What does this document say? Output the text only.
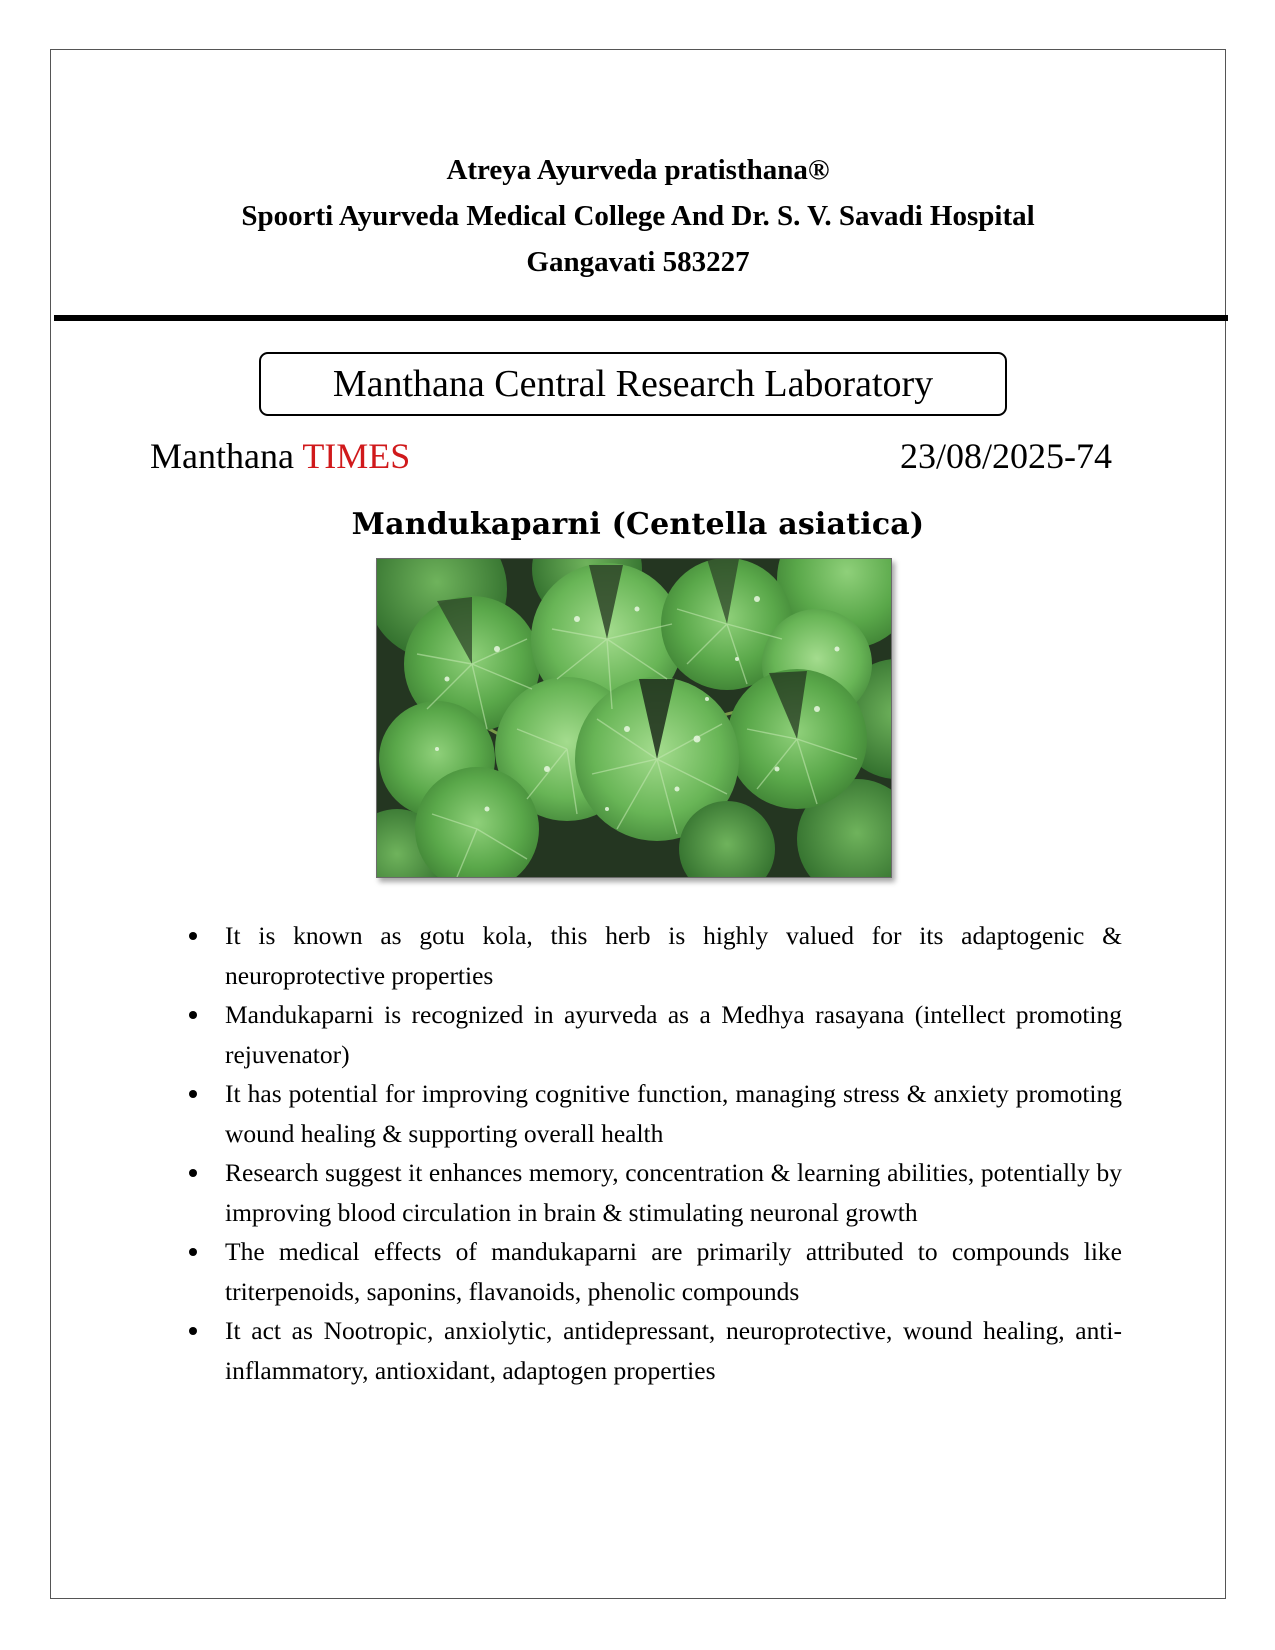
Atreya Ayurveda pratisthana®
Spoorti Ayurveda Medical College And Dr. S. V. Savadi Hospital
Gangavati 583227
Manthana Central Research Laboratory
Manthana TIMES	23/08/2025-74
Mandukaparni (Centella asiatica)
It is known as gotu kola, this herb is highly valued for its adaptogenic & neuroprotective properties
Mandukaparni is recognized in ayurveda as a Medhya rasayana (intellect promoting rejuvenator)
It has potential for improving cognitive function, managing stress & anxiety promoting wound healing & supporting overall health
Research suggest it enhances memory, concentration & learning abilities, potentially by improving blood circulation in brain & stimulating neuronal growth
The medical effects of mandukaparni are primarily attributed to compounds like triterpenoids, saponins, flavanoids, phenolic compounds
It act as Nootropic, anxiolytic, antidepressant, neuroprotective, wound healing, anti-inflammatory, antioxidant, adaptogen properties
